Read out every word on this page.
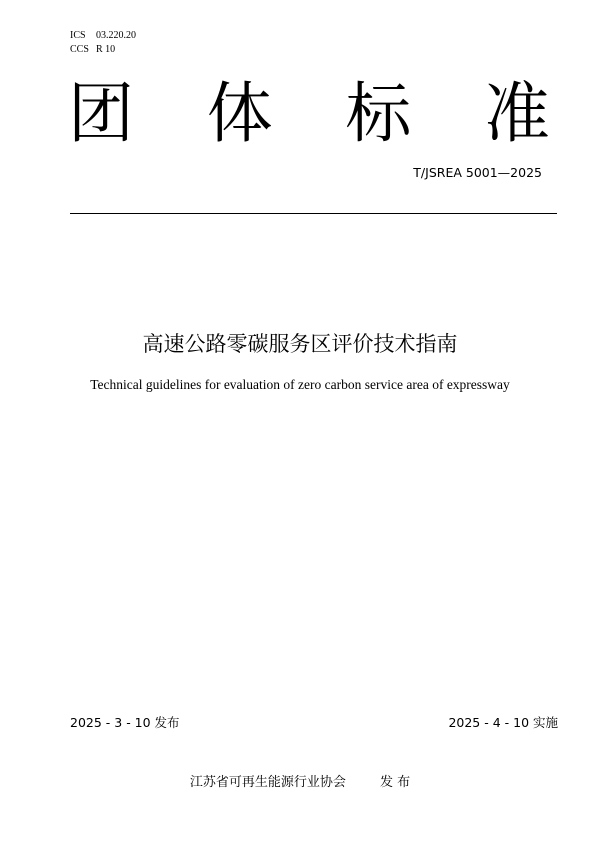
ICS 03.220.20
CCS R 10
团 体 标 准
T/JSREA 5001—2025
高速公路零碳服务区评价技术指南
Technical guidelines for evaluation of zero carbon service area of expressway
2025 - 3 - 10 发布	2025 - 4 - 10 实施
江苏省可再生能源行业协会	发 布
